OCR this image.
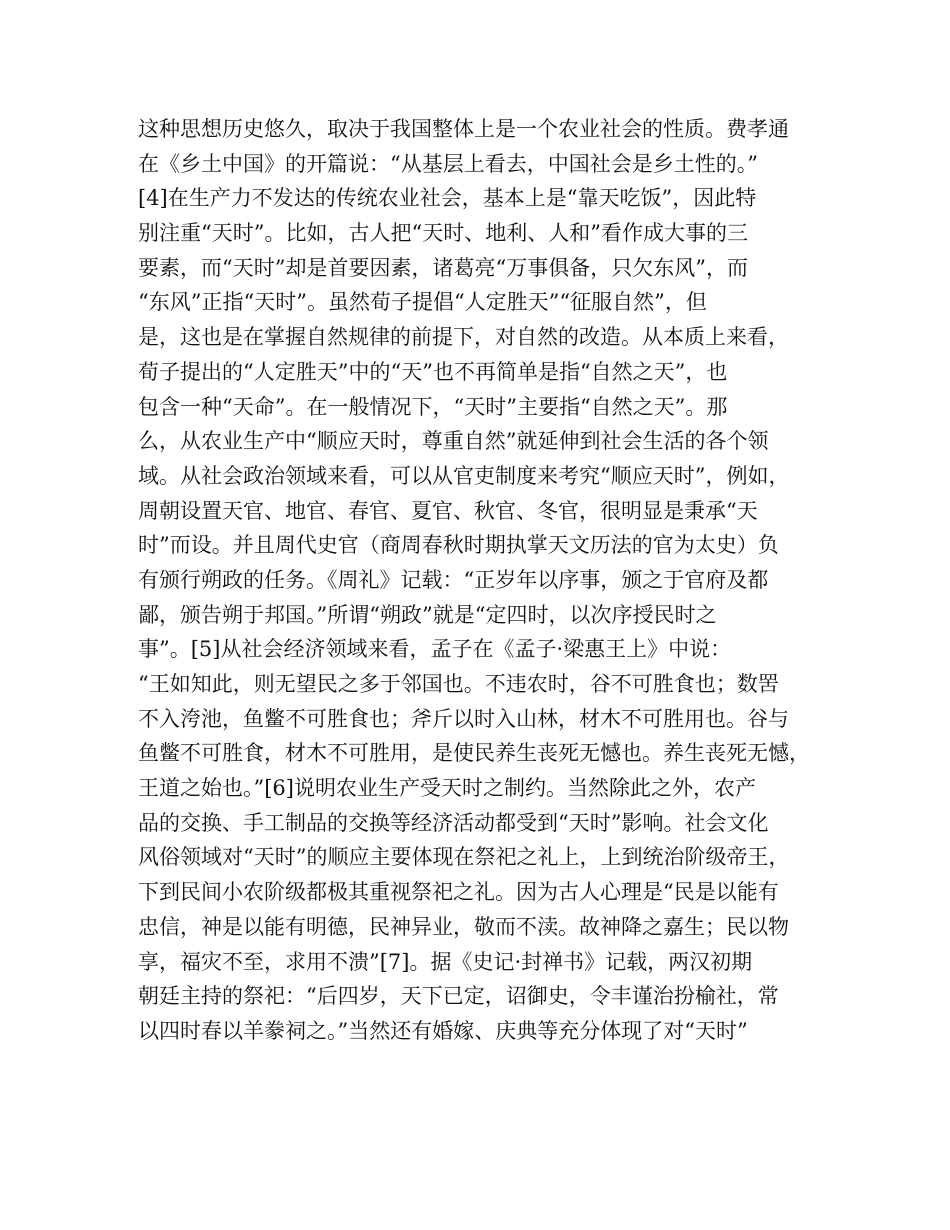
这种思想历史悠久，取决于我国整体上是一个农业社会的性质。费孝通
在《乡土中国》的开篇说：“从基层上看去，中国社会是乡土性的。”
[4]在生产力不发达的传统农业社会，基本上是“靠天吃饭”，因此特
别注重“天时”。比如，古人把“天时、地利、人和”看作成大事的三
要素，而“天时”却是首要因素，诸葛亮“万事俱备，只欠东风”，而
“东风”正指“天时”。虽然荀子提倡“人定胜天”“征服自然”，但
是，这也是在掌握自然规律的前提下，对自然的改造。从本质上来看，
荀子提出的“人定胜天”中的“天”也不再简单是指“自然之天”，也
包含一种“天命”。在一般情况下，“天时”主要指“自然之天”。那
么，从农业生产中“顺应天时，尊重自然”就延伸到社会生活的各个领
域。从社会政治领域来看，可以从官吏制度来考究“顺应天时”，例如，
周朝设置天官、地官、春官、夏官、秋官、冬官，很明显是秉承“天
时”而设。并且周代史官（商周春秋时期执掌天文历法的官为太史）负
有颁行朔政的任务。《周礼》记载：“正岁年以序事，颁之于官府及都
鄙，颁告朔于邦国。”所谓“朔政”就是“定四时，以次序授民时之
事”。[5]从社会经济领域来看，孟子在《孟子·梁惠王上》中说：
“王如知此，则无望民之多于邻国也。不违农时，谷不可胜食也；数罟
不入洿池，鱼鳖不可胜食也；斧斤以时入山林，材木不可胜用也。谷与
鱼鳖不可胜食，材木不可胜用，是使民养生丧死无憾也。养生丧死无憾，
王道之始也。”[6]说明农业生产受天时之制约。当然除此之外，农产
品的交换、手工制品的交换等经济活动都受到“天时”影响。社会文化
风俗领域对“天时”的顺应主要体现在祭祀之礼上，上到统治阶级帝王，
下到民间小农阶级都极其重视祭祀之礼。因为古人心理是“民是以能有
忠信，神是以能有明德，民神异业，敬而不渎。故神降之嘉生；民以物
享，福灾不至，求用不溃”[7]。据《史记·封禅书》记载，两汉初期
朝廷主持的祭祀：“后四岁，天下已定，诏御史，令丰谨治扮榆社，常
以四时春以羊豢祠之。”当然还有婚嫁、庆典等充分体现了对“天时”
